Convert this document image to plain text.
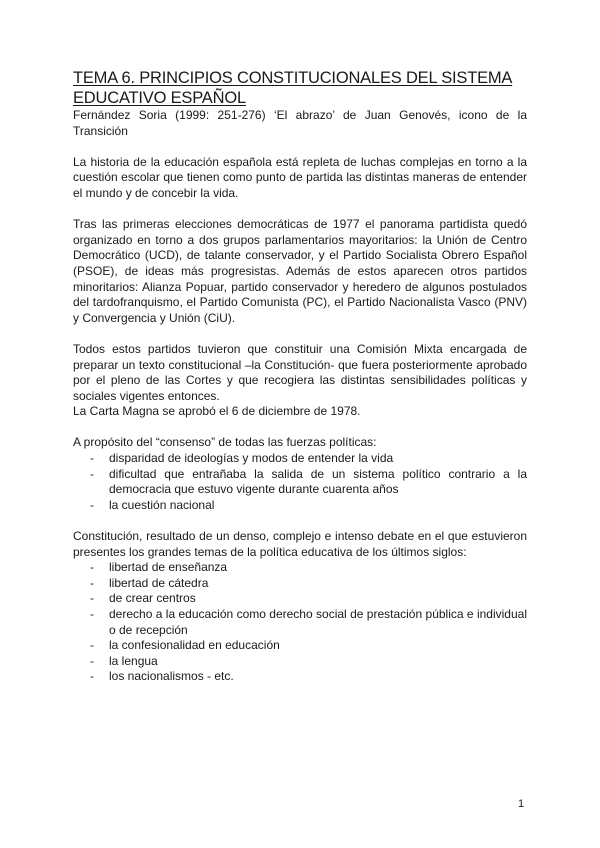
TEMA 6. PRINCIPIOS CONSTITUCIONALES DEL SISTEMA
EDUCATIVO ESPAÑOL

Fernández Soria (1999: 251-276) ‘El abrazo’ de Juan Genovés, icono de la Transición

La historia de la educación española está repleta de luchas complejas en torno a la cuestión escolar que tienen como punto de partida las distintas maneras de entender el mundo y de concebir la vida.

Tras las primeras elecciones democráticas de 1977 el panorama partidista quedó organizado en torno a dos grupos parlamentarios mayoritarios: la Unión de Centro Democrático (UCD), de talante conservador, y el Partido Socialista Obrero Español (PSOE), de ideas más progresistas. Además de estos aparecen otros partidos minoritarios: Alianza Popuar, partido conservador y heredero de algunos postulados del tardofranquismo, el Partido Comunista (PC), el Partido Nacionalista Vasco (PNV) y Convergencia y Unión (CiU).

Todos estos partidos tuvieron que constituir una Comisión Mixta encargada de preparar un texto constitucional –la Constitución- que fuera posteriormente aprobado por el pleno de las Cortes y que recogiera las distintas sensibilidades políticas y sociales vigentes entonces.

La Carta Magna se aprobó el 6 de diciembre de 1978.

A propósito del “consenso” de todas las fuerzas políticas:

- disparidad de ideologías y modos de entender la vida
- dificultad que entrañaba la salida de un sistema político contrario a la democracia que estuvo vigente durante cuarenta años
- la cuestión nacional

Constitución, resultado de un denso, complejo e intenso debate en el que estuvieron presentes los grandes temas de la política educativa de los últimos siglos:

- libertad de enseñanza
- libertad de cátedra
- de crear centros
- derecho a la educación como derecho social de prestación pública e individual o de recepción
- la confesionalidad en educación
- la lengua
- los nacionalismos - etc.
1
